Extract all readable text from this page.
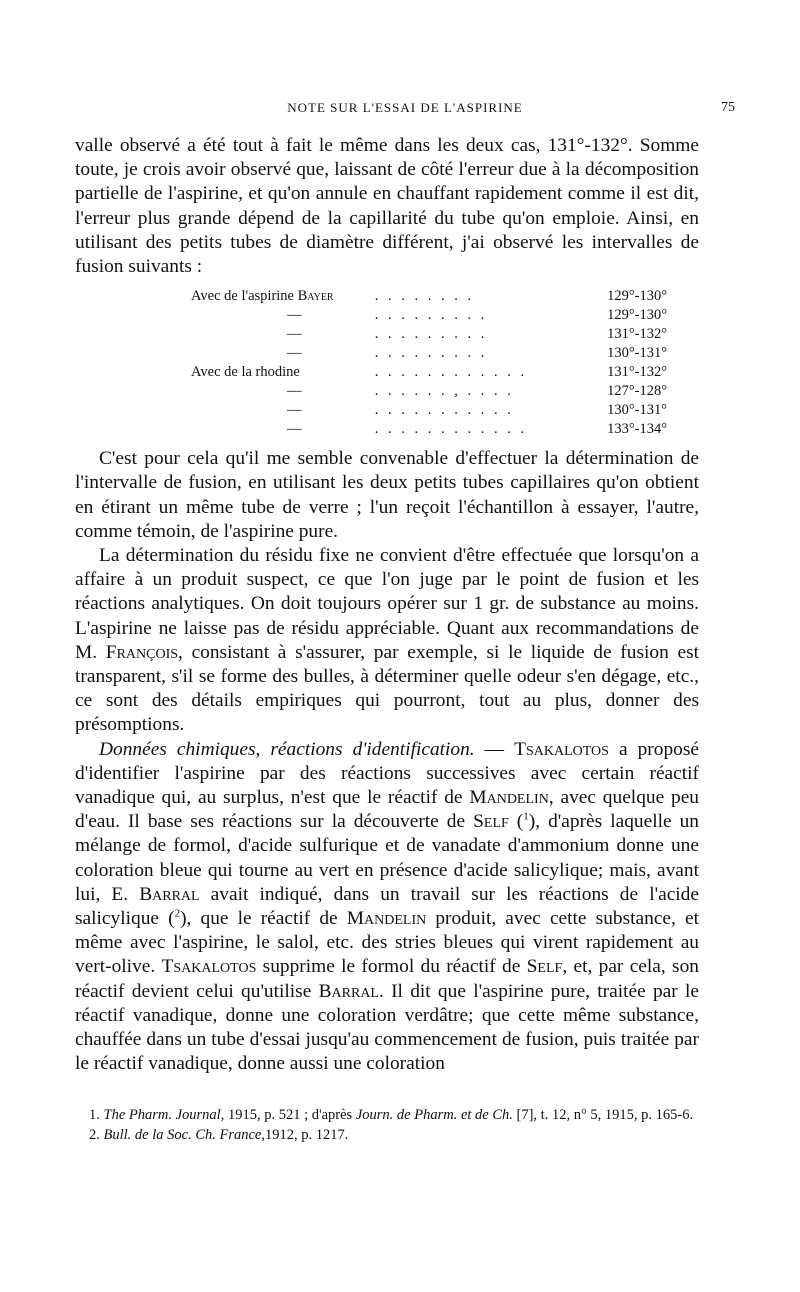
NOTE SUR L'ESSAI DE L'ASPIRINE	75

valle observé a été tout à fait le même dans les deux cas, 131°-132°. Somme toute, je crois avoir observé que, laissant de côté l'erreur due à la décomposition partielle de l'aspirine, et qu'on annule en chauffant rapidement comme il est dit, l'erreur plus grande dépend de la capillarité du tube qu'on emploie. Ainsi, en utilisant des petits tubes de diamètre différent, j'ai observé les intervalles de fusion suivants :

Avec de l'aspirine Bayer	. . . . . . . .	129°-130°
—	. . . . . . . . .	129°-130°
—	. . . . . . . . .	131°-132°
—	. . . . . . . . .	130°-131°
Avec de la rhodine	. . . . . . . . . . . .	131°-132°
—	. . . . . . , . . . .	127°-128°
—	. . . . . . . . . . .	130°-131°
—	. . . . . . . . . . . .	133°-134°

C'est pour cela qu'il me semble convenable d'effectuer la détermination de l'intervalle de fusion, en utilisant les deux petits tubes capillaires qu'on obtient en étirant un même tube de verre ; l'un reçoit l'échantillon à essayer, l'autre, comme témoin, de l'aspirine pure.

La détermination du résidu fixe ne convient d'être effectuée que lorsqu'on a affaire à un produit suspect, ce que l'on juge par le point de fusion et les réactions analytiques. On doit toujours opérer sur 1 gr. de substance au moins. L'aspirine ne laisse pas de résidu appréciable. Quant aux recommandations de M. François, consistant à s'assurer, par exemple, si le liquide de fusion est transparent, s'il se forme des bulles, à déterminer quelle odeur s'en dégage, etc., ce sont des détails empiriques qui pourront, tout au plus, donner des présomptions.

Données chimiques, réactions d'identification. — Tsakalotos a proposé d'identifier l'aspirine par des réactions successives avec certain réactif vanadique qui, au surplus, n'est que le réactif de Mandelin, avec quelque peu d'eau. Il base ses réactions sur la découverte de Self ($^1$), d'après laquelle un mélange de formol, d'acide sulfurique et de vanadate d'ammonium donne une coloration bleue qui tourne au vert en présence d'acide salicylique; mais, avant lui, E. Barral avait indiqué, dans un travail sur les réactions de l'acide salicylique ($^2$), que le réactif de Mandelin produit, avec cette substance, et même avec l'aspirine, le salol, etc. des stries bleues qui virent rapidement au vert-olive. Tsakalotos supprime le formol du réactif de Self, et, par cela, son réactif devient celui qu'utilise Barral. Il dit que l'aspirine pure, traitée par le réactif vanadique, donne une coloration verdâtre; que cette même substance, chauffée dans un tube d'essai jusqu'au commencement de fusion, puis traitée par le réactif vanadique, donne aussi une coloration

1. The Pharm. Journal, 1915, p. 521 ; d'après Journ. de Pharm. et de Ch. [7], t. 12, n° 5, 1915, p. 165-6.

2. Bull. de la Soc. Ch. France,1912, p. 1217.
